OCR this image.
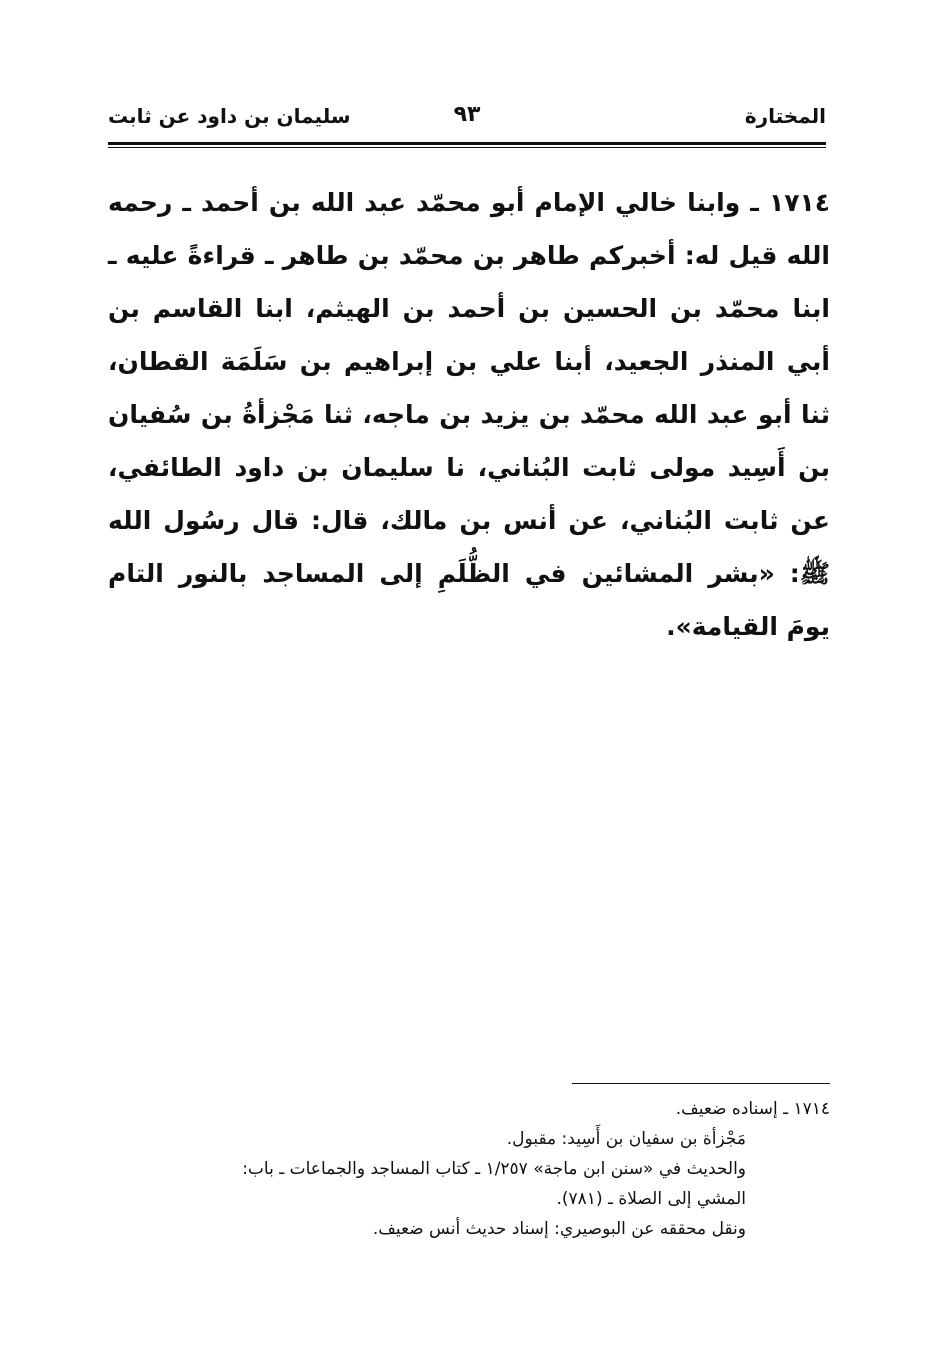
المختارة
٩٣
سليمان بن داود عن ثابت

١٧١٤ ـ وابنا خالي الإمام أبو محمّد عبد الله بن أحمد ـ رحمه الله قيل له: أخبركم طاهر بن محمّد بن طاهر ـ قراءةً عليه ـ ابنا محمّد بن الحسين بن أحمد بن الهيثم، ابنا القاسم بن أبي المنذر الجعيد، أبنا علي بن إبراهيم بن سَلَمَة القطان، ثنا أبو عبد الله محمّد بن يزيد بن ماجه، ثنا مَجْزأةُ بن سُفيان بن أَسِيد مولى ثابت البُناني، نا سليمان بن داود الطائفي، عن ثابت البُناني، عن أنس بن مالك، قال: قال رسُول الله ﷺ: «بشر المشائين في الظُّلَمِ إلى المساجد بالنور التام يومَ القيامة».

١٧١٤ ـ إسناده ضعيف.
مَجْزأة بن سفيان بن أَسِيد: مقبول.
والحديث في «سنن ابن ماجة» ١/٢٥٧ ـ كتاب المساجد والجماعات ـ باب:
المشي إلى الصلاة ـ (٧٨١).
ونقل محققه عن البوصيري: إسناد حديث أنس ضعيف.
